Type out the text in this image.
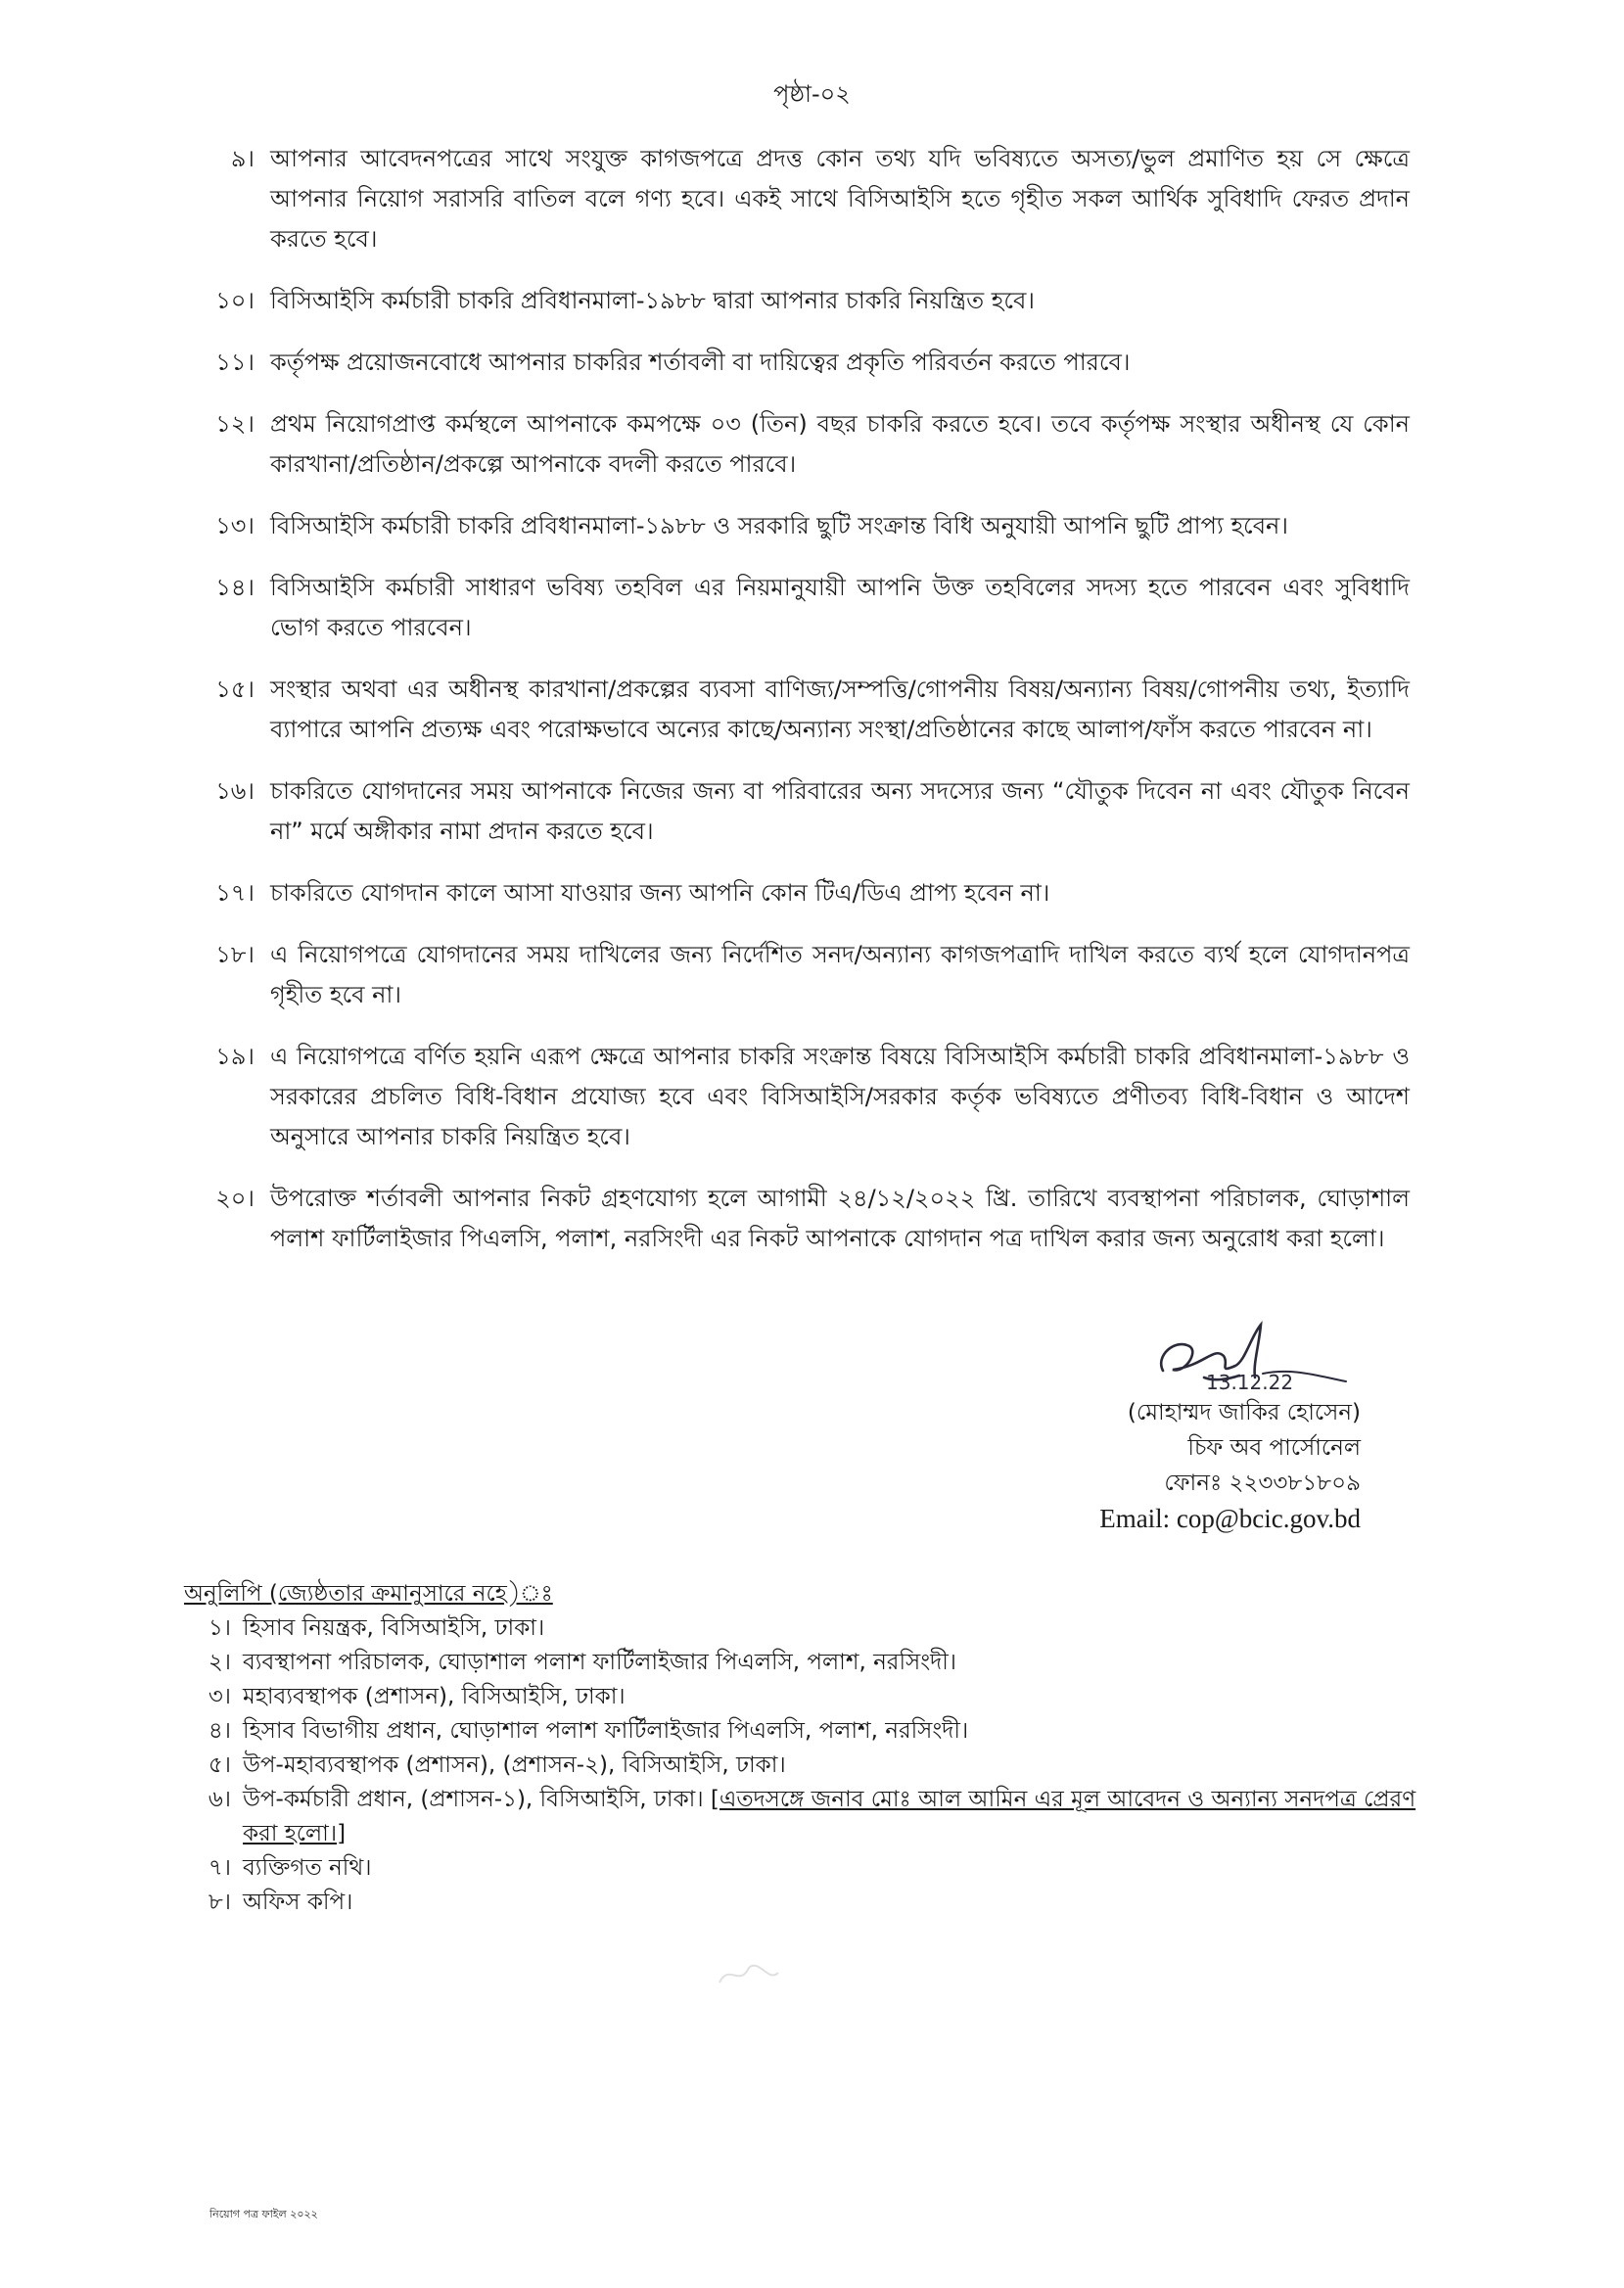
পৃষ্ঠা-০২
৯। আপনার আবেদনপত্রের সাথে সংযুক্ত কাগজপত্রে প্রদত্ত কোন তথ্য যদি ভবিষ্যতে অসত্য/ভুল প্রমাণিত হয় সে ক্ষেত্রে আপনার নিয়োগ সরাসরি বাতিল বলে গণ্য হবে। একই সাথে বিসিআইসি হতে গৃহীত সকল আর্থিক সুবিধাদি ফেরত প্রদান করতে হবে।
১০। বিসিআইসি কর্মচারী চাকরি প্রবিধানমালা-১৯৮৮ দ্বারা আপনার চাকরি নিয়ন্ত্রিত হবে।
১১। কর্তৃপক্ষ প্রয়োজনবোধে আপনার চাকরির শর্তাবলী বা দায়িত্বের প্রকৃতি পরিবর্তন করতে পারবে।
১২। প্রথম নিয়োগপ্রাপ্ত কর্মস্থলে আপনাকে কমপক্ষে ০৩ (তিন) বছর চাকরি করতে হবে। তবে কর্তৃপক্ষ সংস্থার অধীনস্থ যে কোন কারখানা/প্রতিষ্ঠান/প্রকল্পে আপনাকে বদলী করতে পারবে।
১৩। বিসিআইসি কর্মচারী চাকরি প্রবিধানমালা-১৯৮৮ ও সরকারি ছুটি সংক্রান্ত বিধি অনুযায়ী আপনি ছুটি প্রাপ্য হবেন।
১৪। বিসিআইসি কর্মচারী সাধারণ ভবিষ্য তহবিল এর নিয়মানুযায়ী আপনি উক্ত তহবিলের সদস্য হতে পারবেন এবং সুবিধাদি ভোগ করতে পারবেন।
১৫। সংস্থার অথবা এর অধীনস্থ কারখানা/প্রকল্পের ব্যবসা বাণিজ্য/সম্পত্তি/গোপনীয় বিষয়/অন্যান্য বিষয়/গোপনীয় তথ্য, ইত্যাদি ব্যাপারে আপনি প্রত্যক্ষ এবং পরোক্ষভাবে অন্যের কাছে/অন্যান্য সংস্থা/প্রতিষ্ঠানের কাছে আলাপ/ফাঁস করতে পারবেন না।
১৬। চাকরিতে যোগদানের সময় আপনাকে নিজের জন্য বা পরিবারের অন্য সদস্যের জন্য “যৌতুক দিবেন না এবং যৌতুক নিবেন না” মর্মে অঙ্গীকার নামা প্রদান করতে হবে।
১৭। চাকরিতে যোগদান কালে আসা যাওয়ার জন্য আপনি কোন টিএ/ডিএ প্রাপ্য হবেন না।
১৮। এ নিয়োগপত্রে যোগদানের সময় দাখিলের জন্য নির্দেশিত সনদ/অন্যান্য কাগজপত্রাদি দাখিল করতে ব্যর্থ হলে যোগদানপত্র গৃহীত হবে না।
১৯। এ নিয়োগপত্রে বর্ণিত হয়নি এরূপ ক্ষেত্রে আপনার চাকরি সংক্রান্ত বিষয়ে বিসিআইসি কর্মচারী চাকরি প্রবিধানমালা-১৯৮৮ ও সরকারের প্রচলিত বিধি-বিধান প্রযোজ্য হবে এবং বিসিআইসি/সরকার কর্তৃক ভবিষ্যতে প্রণীতব্য বিধি-বিধান ও আদেশ অনুসারে আপনার চাকরি নিয়ন্ত্রিত হবে।
২০। উপরোক্ত শর্তাবলী আপনার নিকট গ্রহণযোগ্য হলে আগামী ২৪/১২/২০২২ খ্রি. তারিখে ব্যবস্থাপনা পরিচালক, ঘোড়াশাল পলাশ ফার্টিলাইজার পিএলসি, পলাশ, নরসিংদী এর নিকট আপনাকে যোগদান পত্র দাখিল করার জন্য অনুরোধ করা হলো।
13.12.22
(মোহাম্মদ জাকির হোসেন)
চিফ অব পার্সোনেল
ফোনঃ ২২৩৩৮১৮০৯
Email: cop@bcic.gov.bd
অনুলিপি (জ্যেষ্ঠতার ক্রমানুসারে নহে)ঃ
১। হিসাব নিয়ন্ত্রক, বিসিআইসি, ঢাকা।
২। ব্যবস্থাপনা পরিচালক, ঘোড়াশাল পলাশ ফার্টিলাইজার পিএলসি, পলাশ, নরসিংদী।
৩। মহাব্যবস্থাপক (প্রশাসন), বিসিআইসি, ঢাকা।
৪। হিসাব বিভাগীয় প্রধান, ঘোড়াশাল পলাশ ফার্টিলাইজার পিএলসি, পলাশ, নরসিংদী।
৫। উপ-মহাব্যবস্থাপক (প্রশাসন), (প্রশাসন-২), বিসিআইসি, ঢাকা।
৬। উপ-কর্মচারী প্রধান, (প্রশাসন-১), বিসিআইসি, ঢাকা। [এতদসঙ্গে জনাব মোঃ আল আমিন এর মূল আবেদন ও অন্যান্য সনদপত্র প্রেরণ করা হলো।]
৭। ব্যক্তিগত নথি।
৮। অফিস কপি।
নিয়োগ পত্র ফাইল ২০২২
